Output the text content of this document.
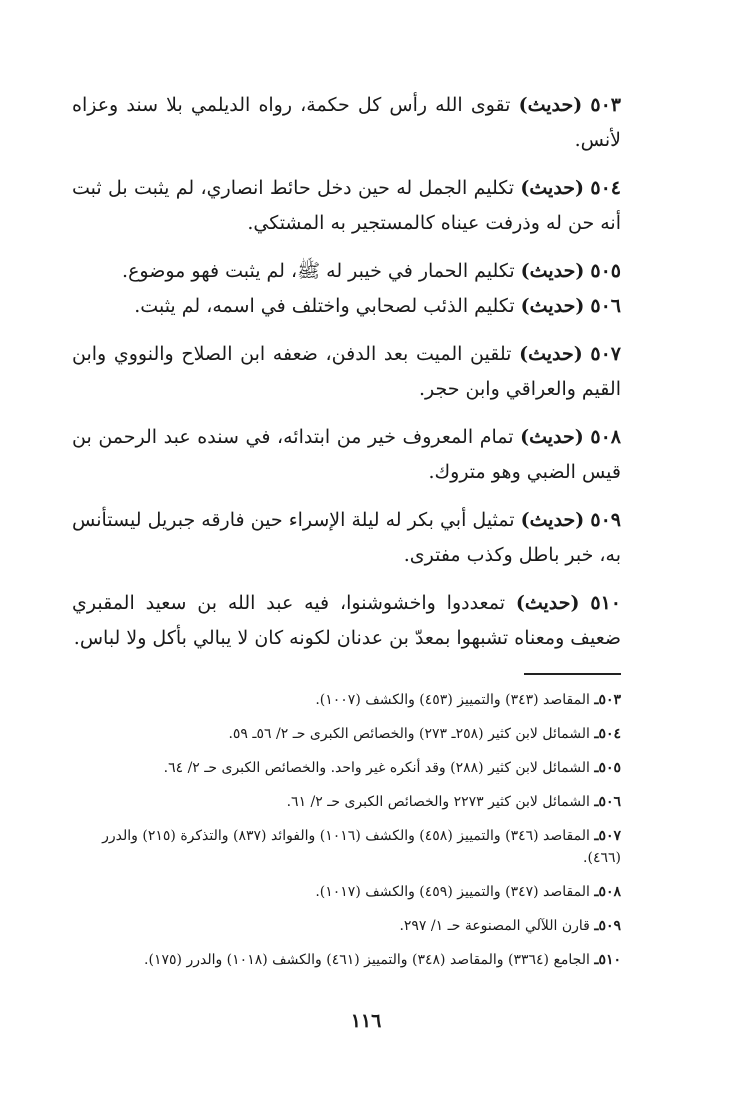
٥٠٣ (حديث) تقوى الله رأس كل حكمة، رواه الديلمي بلا سند وعزاه لأنس.

٥٠٤ (حديث) تكليم الجمل له حين دخل حائط انصاري، لم يثبت بل ثبت أنه حن له وذرفت عيناه كالمستجير به المشتكي.

٥٠٥ (حديث) تكليم الحمار في خيبر له ﷺ، لم يثبت فهو موضوع.

٥٠٦ (حديث) تكليم الذئب لصحابي واختلف في اسمه، لم يثبت.

٥٠٧ (حديث) تلقين الميت بعد الدفن، ضعفه ابن الصلاح والنووي وابن القيم والعراقي وابن حجر.

٥٠٨ (حديث) تمام المعروف خير من ابتدائه، في سنده عبد الرحمن بن قيس الضبي وهو متروك.

٥٠٩ (حديث) تمثيل أبي بكر له ليلة الإسراء حين فارقه جبريل ليستأنس به، خبر باطل وكذب مفترى.

٥١٠ (حديث) تمعددوا واخشوشنوا، فيه عبد الله بن سعيد المقبري ضعيف ومعناه تشبهوا بمعدّ بن عدنان لكونه كان لا يبالي بأكل ولا لباس.

٥٠٣ـ المقاصد (٣٤٣) والتمييز (٤٥٣) والكشف (١٠٠٧).

٥٠٤ـ الشمائل لابن كثير (٢٥٨ـ ٢٧٣) والخصائص الكبرى حـ ٢/ ٥٦ـ ٥٩.

٥٠٥ـ الشمائل لابن كثير (٢٨٨) وقد أنكره غير واحد. والخصائص الكبرى حـ ٢/ ٦٤.

٥٠٦ـ الشمائل لابن كثير ٢٢٧٣ والخصائص الكبرى حـ ٢/ ٦١.

٥٠٧ـ المقاصد (٣٤٦) والتمييز (٤٥٨) والكشف (١٠١٦) والفوائد (٨٣٧) والتذكرة (٢١٥) والدرر (٤٦٦).

٥٠٨ـ المقاصد (٣٤٧) والتمييز (٤٥٩) والكشف (١٠١٧).

٥٠٩ـ قارن اللآلي المصنوعة حـ ١/ ٢٩٧.

٥١٠ـ الجامع (٣٣٦٤) والمقاصد (٣٤٨) والتمييز (٤٦١) والكشف (١٠١٨) والدرر (١٧٥).

١١٦
